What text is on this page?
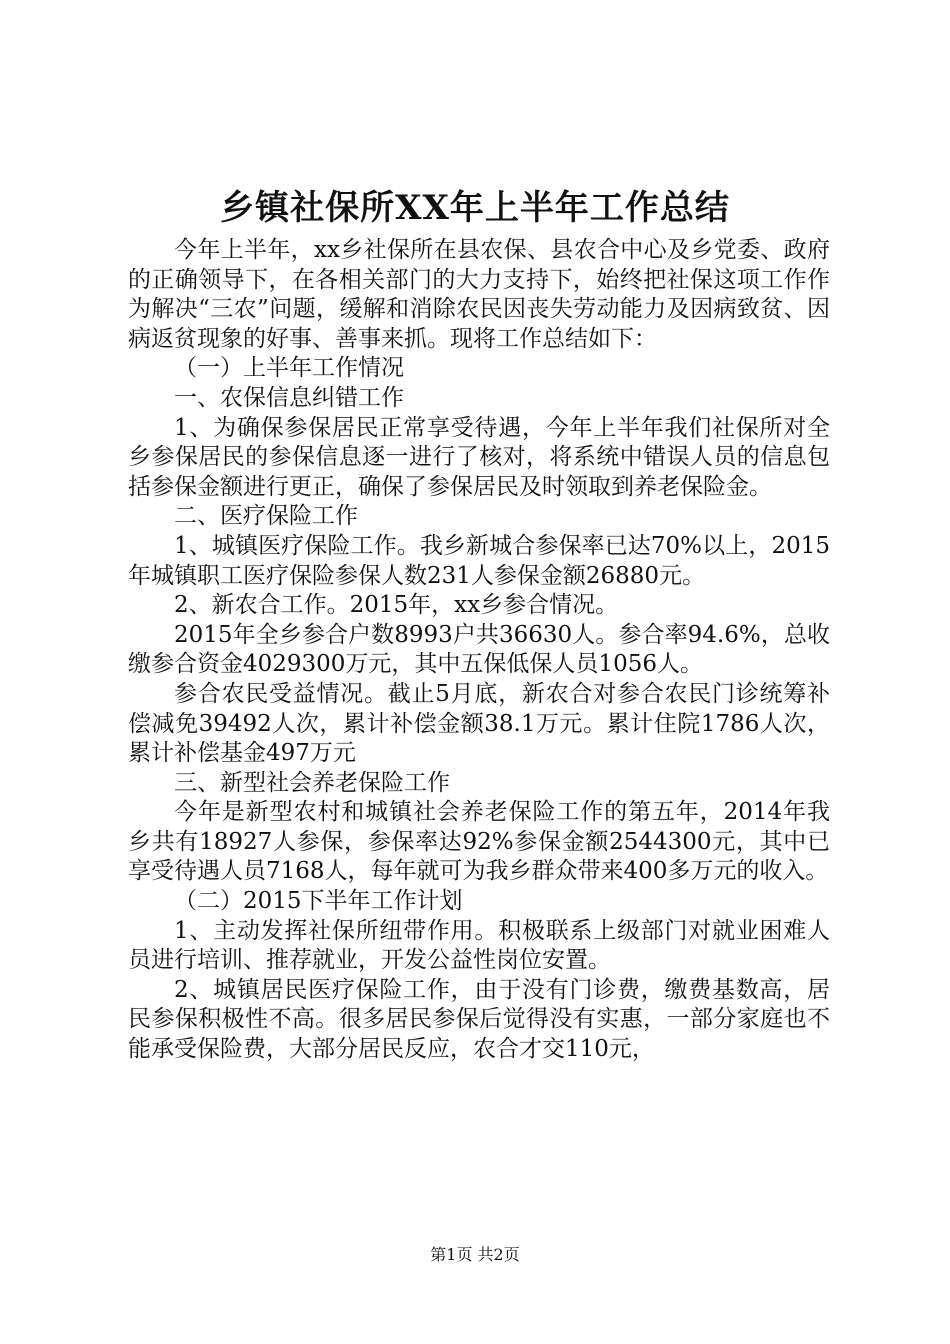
乡镇社保所XX年上半年工作总结

今年上半年，xx乡社保所在县农保、县农合中心及乡党委、政府的正确领导下，在各相关部门的大力支持下，始终把社保这项工作作为解决“三农”问题，缓解和消除农民因丧失劳动能力及因病致贫、因病返贫现象的好事、善事来抓。现将工作总结如下：

（一）上半年工作情况

一、农保信息纠错工作

1、为确保参保居民正常享受待遇，今年上半年我们社保所对全乡参保居民的参保信息逐一进行了核对，将系统中错误人员的信息包括参保金额进行更正，确保了参保居民及时领取到养老保险金。

二、医疗保险工作

1、城镇医疗保险工作。我乡新城合参保率已达70%以上，2015年城镇职工医疗保险参保人数231人参保金额26880元。

2、新农合工作。2015年，xx乡参合情况。

2015年全乡参合户数8993户共36630人。参合率94.6%，总收缴参合资金4029300万元，其中五保低保人员1056人。

参合农民受益情况。截止5月底，新农合对参合农民门诊统筹补偿减免39492人次，累计补偿金额38.1万元。累计住院1786人次，累计补偿基金497万元

三、新型社会养老保险工作

今年是新型农村和城镇社会养老保险工作的第五年，2014年我乡共有18927人参保，参保率达92%参保金额2544300元，其中已享受待遇人员7168人，每年就可为我乡群众带来400多万元的收入。

（二）2015下半年工作计划

1、主动发挥社保所纽带作用。积极联系上级部门对就业困难人员进行培训、推荐就业，开发公益性岗位安置。

2、城镇居民医疗保险工作，由于没有门诊费，缴费基数高，居民参保积极性不高。很多居民参保后觉得没有实惠，一部分家庭也不能承受保险费，大部分居民反应，农合才交110元，

第1页 共2页
